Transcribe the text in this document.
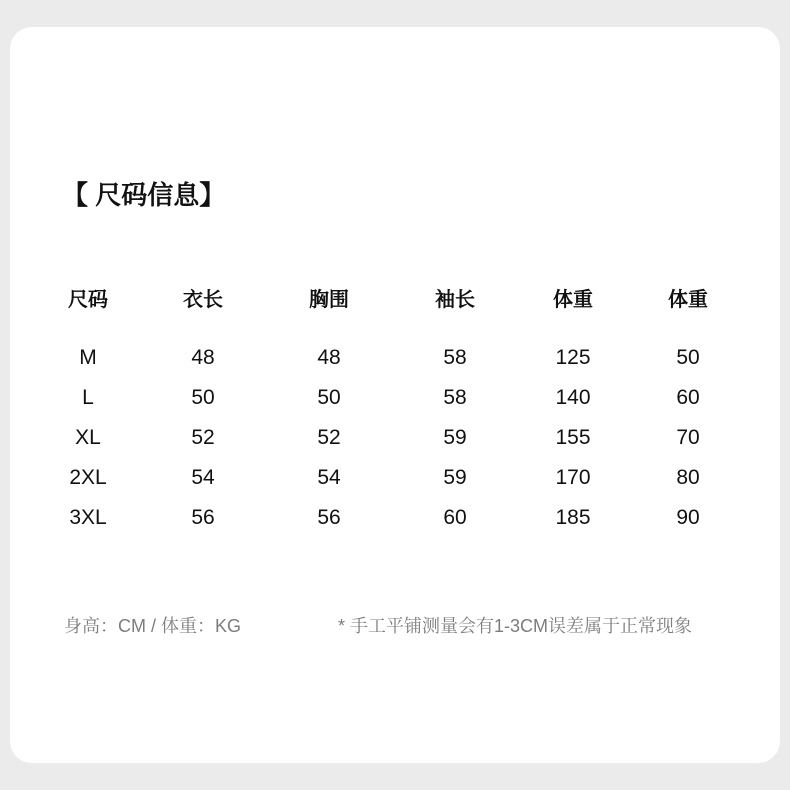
【 尺码信息】
尺码	衣长	胸围	袖长	体重	体重
M	48	48	58	125	50
L	50	50	58	140	60
XL	52	52	59	155	70
2XL	54	54	59	170	80
3XL	56	56	60	185	90
身高：CM / 体重：KG	* 手工平铺测量会有1-3CM误差属于正常现象
